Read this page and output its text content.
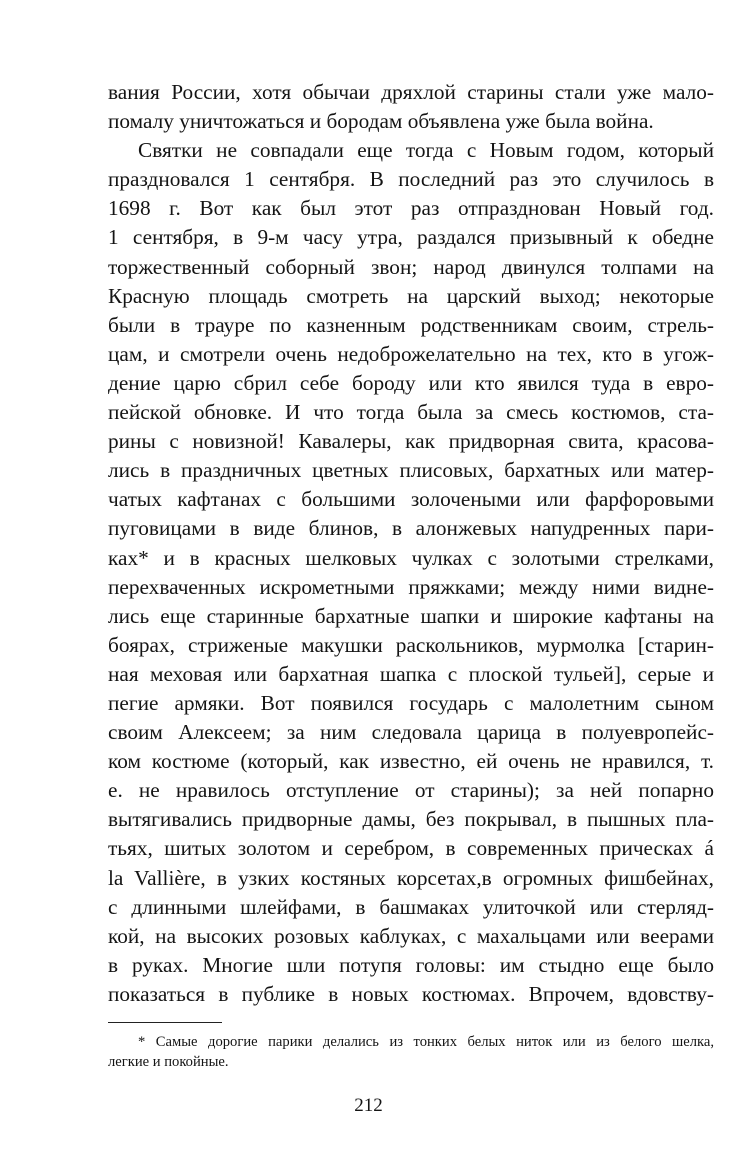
вания России, хотя обычаи дряхлой старины стали уже мало-
помалу уничтожаться и бородам объявлена уже была война.
Святки не совпадали еще тогда с Новым годом, который
праздновался 1 сентября. В последний раз это случилось в
1698 г. Вот как был этот раз отпразднован Новый год.
1 сентября, в 9-м часу утра, раздался призывный к обедне
торжественный соборный звон; народ двинулся толпами на
Красную площадь смотреть на царский выход; некоторые
были в трауре по казненным родственникам своим, стрель-
цам, и смотрели очень недоброжелательно на тех, кто в угож-
дение царю сбрил себе бороду или кто явился туда в евро-
пейской обновке. И что тогда была за смесь костюмов, ста-
рины с новизной! Кавалеры, как придворная свита, красова-
лись в праздничных цветных плисовых, бархатных или матер-
чатых кафтанах с большими золочеными или фарфоровыми
пуговицами в виде блинов, в алонжевых напудренных пари-
ках* и в красных шелковых чулках с золотыми стрелками,
перехваченных искрометными пряжками; между ними видне-
лись еще старинные бархатные шапки и широкие кафтаны на
боярах, стриженые макушки раскольников, мурмолка [старин-
ная меховая или бархатная шапка с плоской тульей], серые и
пегие армяки. Вот появился государь с малолетним сыном
своим Алексеем; за ним следовала царица в полуевропейс-
ком костюме (который, как известно, ей очень не нравился, т.
е. не нравилось отступление от старины); за ней попарно
вытягивались придворные дамы, без покрывал, в пышных пла-
тьях, шитых золотом и серебром, в современных прическах á
la Vallière, в узких костяных корсетах,в огромных фишбейнах,
с длинными шлейфами, в башмаках улиточкой или стерляд-
кой, на высоких розовых каблуках, с махальцами или веерами
в руках. Многие шли потупя головы: им стыдно еще было
показаться в публике в новых костюмах. Впрочем, вдовству-
* Самые дорогие парики делались из тонких белых ниток или из белого шелка,
легкие и покойные.
212
